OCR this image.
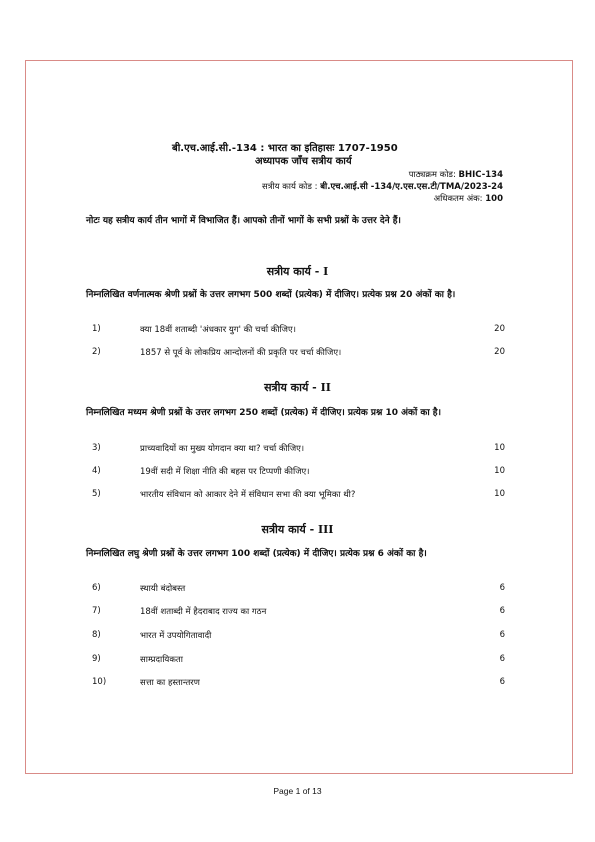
बी.एच.आई.सी.-134 : भारत का इतिहासः 1707-1950
अध्यापक जाँच सत्रीय कार्य
पाठ्यक्रम कोड: BHIC-134
सत्रीय कार्य कोड : बी.एच.आई.सी -134/ए.एस.एस.टी/TMA/2023-24
अधिकतम अंक: 100
नोटः यह सत्रीय कार्य तीन भागों में विभाजित हैं। आपको तीनों भागों के सभी प्रश्नों के उत्तर देने हैं।
सत्रीय कार्य - I
निम्नलिखित वर्णनात्मक श्रेणी प्रश्नों के उत्तर लगभग 500 शब्दों (प्रत्येक) में दीजिए। प्रत्येक प्रश्न 20 अंकों का है।
1)	क्या 18वीं शताब्दी 'अंधकार युग' की चर्चा कीजिए।	20
2)	1857 से पूर्व के लोकप्रिय आन्दोलनों की प्रकृति पर चर्चा कीजिए।	20
सत्रीय कार्य - II
निम्नलिखित मध्यम श्रेणी प्रश्नों के उत्तर लगभग 250 शब्दों (प्रत्येक) में दीजिए। प्रत्येक प्रश्न 10 अंकों का है।
3)	प्राच्यवादियों का मुख्य योगदान क्या था? चर्चा कीजिए।	10
4)	19वीं सदी में शिक्षा नीति की बहस पर टिप्पणी कीजिए।	10
5)	भारतीय संविधान को आकार देने में संविधान सभा की क्या भूमिका थी?	10
सत्रीय कार्य - III
निम्नलिखित लघु श्रेणी प्रश्नों के उत्तर लगभग 100 शब्दों (प्रत्येक) में दीजिए। प्रत्येक प्रश्न 6 अंकों का है।
6)	स्थायी बंदोबस्त	6
7)	18वीं शताब्दी में हैदराबाद राज्य का गठन	6
8)	भारत में उपयोगितावादी	6
9)	साम्प्रदायिकता	6
10)	सत्ता का हस्तान्तरण	6
Page 1 of 13
